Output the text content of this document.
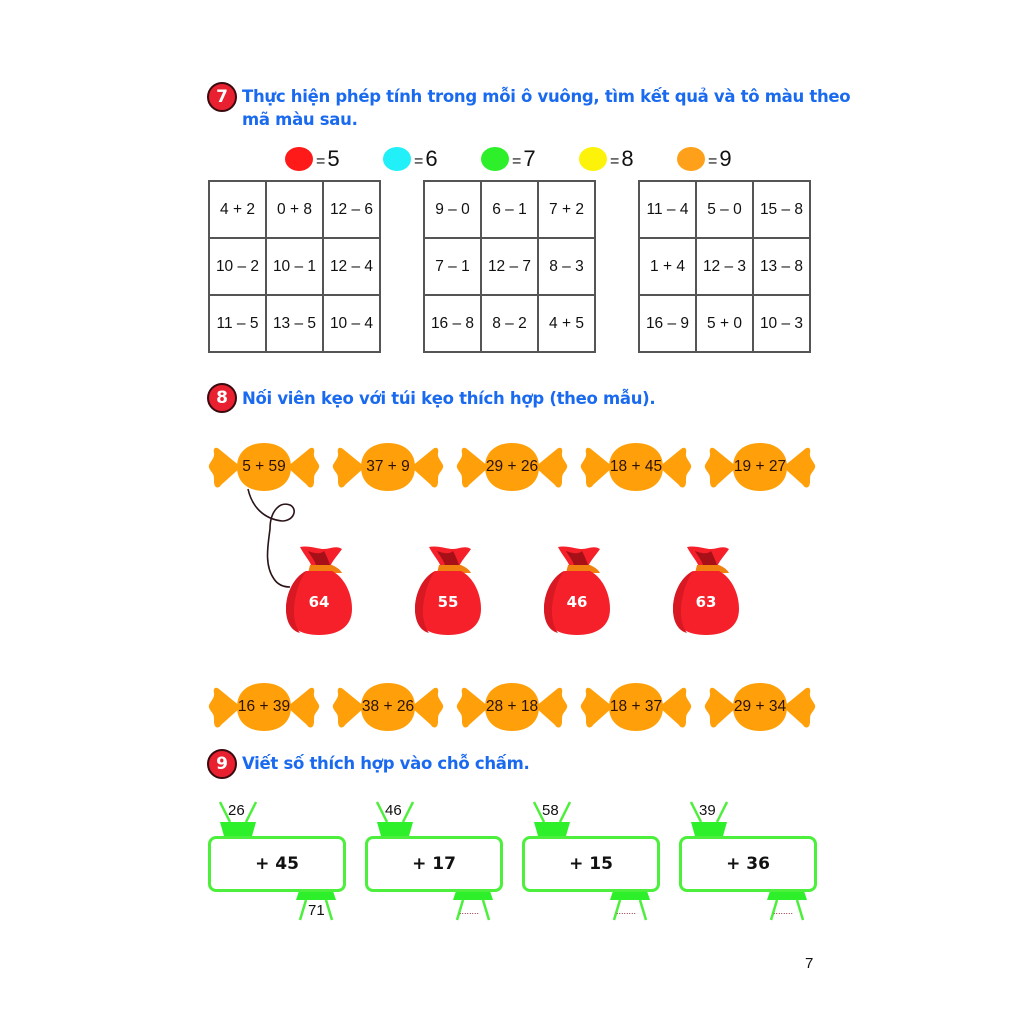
7 Thực hiện phép tính trong mỗi ô vuông, tìm kết quả và tô màu theo
mã màu sau.
=5	=6	=7	=8	=9
4 + 2	0 + 8	12 – 6
10 – 2	10 – 1	12 – 4
11 – 5	13 – 5	10 – 4
9 – 0	6 – 1	7 + 2
7 – 1	12 – 7	8 – 3
16 – 8	8 – 2	4 + 5
11 – 4	5 – 0	15 – 8
1 + 4	12 – 3	13 – 8
16 – 9	5 + 0	10 – 3
8 Nối viên kẹo với túi kẹo thích hợp (theo mẫu).
5 + 59	37 + 9	29 + 26	18 + 45	19 + 27
64	55	46	63
16 + 39	38 + 26	28 + 18	18 + 37	29 + 34
9 Viết số thích hợp vào chỗ chấm.
26
+ 45
71
46
+ 17
........
58
+ 15
........
39
+ 36
........
7
